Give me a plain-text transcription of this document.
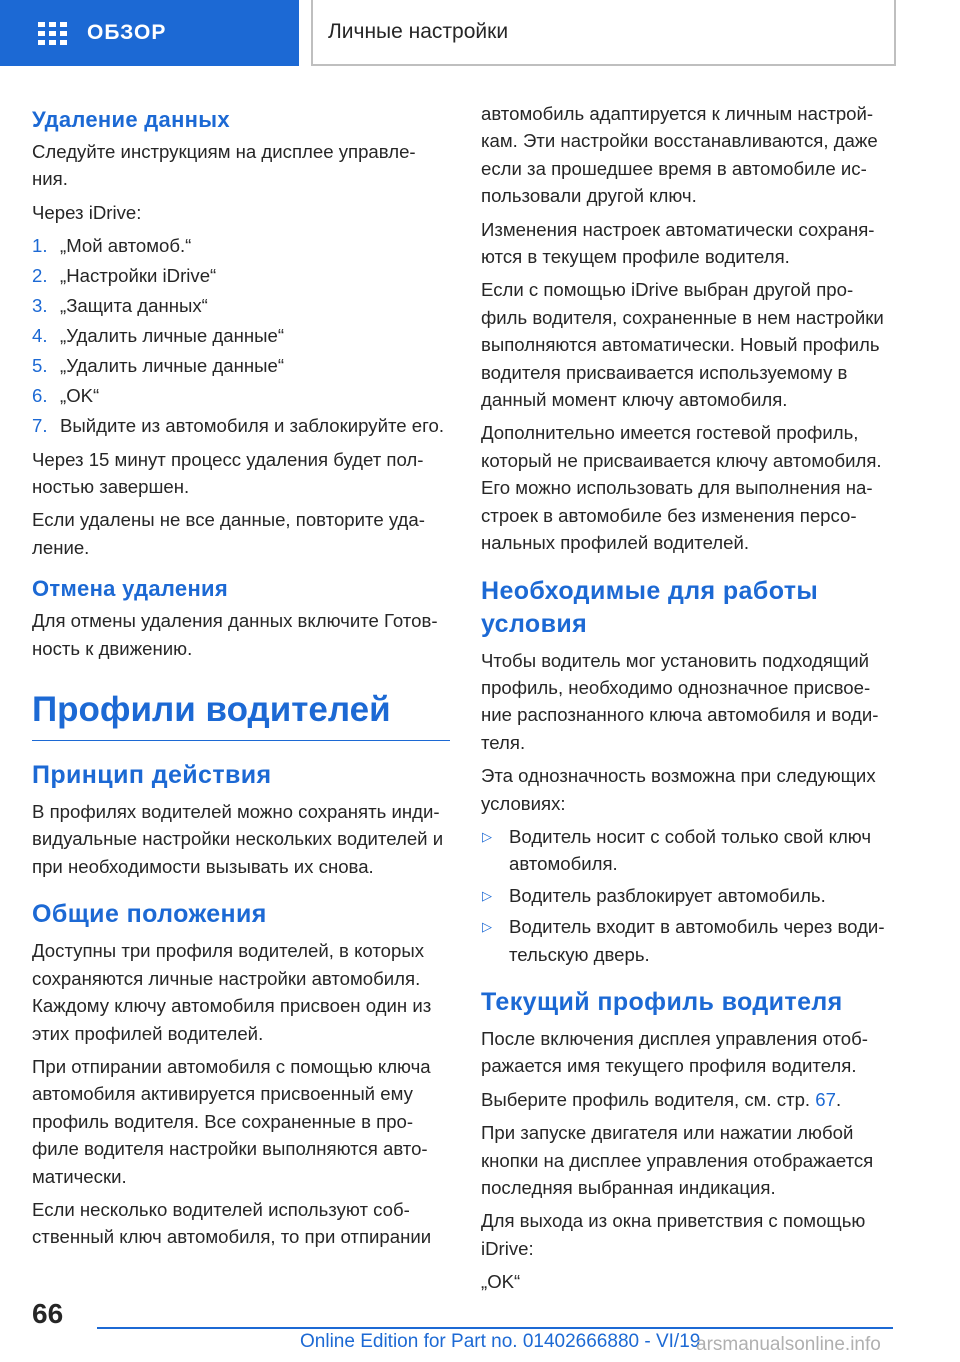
ОБЗОР	Личные настройки
Удаление данных

Следуйте инструкциям на дисплее управле-ния.

Через iDrive:

1. „Мой автомоб.“
2. „Настройки iDrive“
3. „Защита данных“
4. „Удалить личные данные“
5. „Удалить личные данные“
6. „OK“
7. Выйдите из автомобиля и заблокируйте его.

Через 15 минут процесс удаления будет пол-ностью завершен.

Если удалены не все данные, повторите уда-ление.

Отмена удаления

Для отмены удаления данных включите Готов-ность к движению.

Профили водителей
Принцип действия

В профилях водителей можно сохранять инди-видуальные настройки нескольких водителей и при необходимости вызывать их снова.

Общие положения

Доступны три профиля водителей, в которых сохраняются личные настройки автомобиля. Каждому ключу автомобиля присвоен один из этих профилей водителей.

При отпирании автомобиля с помощью ключа автомобиля активируется присвоенный ему профиль водителя. Все сохраненные в про-филе водителя настройки выполняются авто-матически.

Если несколько водителей используют соб-ственный ключ автомобиля, то при отпирании

автомобиль адаптируется к личным настрой-кам. Эти настройки восстанавливаются, даже если за прошедшее время в автомобиле ис-пользовали другой ключ.

Изменения настроек автоматически сохраня-ются в текущем профиле водителя.

Если с помощью iDrive выбран другой про-филь водителя, сохраненные в нем настройки выполняются автоматически. Новый профиль водителя присваивается используемому в данный момент ключу автомобиля.

Дополнительно имеется гостевой профиль, который не присваивается ключу автомобиля. Его можно использовать для выполнения на-строек в автомобиле без изменения персо-нальных профилей водителей.

Необходимые для работы условия

Чтобы водитель мог установить подходящий профиль, необходимо однозначное присвое-ние распознанного ключа автомобиля и води-теля.

Эта однозначность возможна при следующих условиях:

▷ Водитель носит с собой только свой ключ автомобиля.
▷ Водитель разблокирует автомобиль.
▷ Водитель входит в автомобиль через води-тельскую дверь.
Текущий профиль водителя

После включения дисплея управления отоб-ражается имя текущего профиля водителя.

Выберите профиль водителя, см. стр. 67.

При запуске двигателя или нажатии любой кнопки на дисплее управления отображается последняя выбранная индикация.

Для выхода из окна приветствия с помощью iDrive:

„OK“

66
Online Edition for Part no. 01402666880 - VI/19
arsmanualsonline.info
